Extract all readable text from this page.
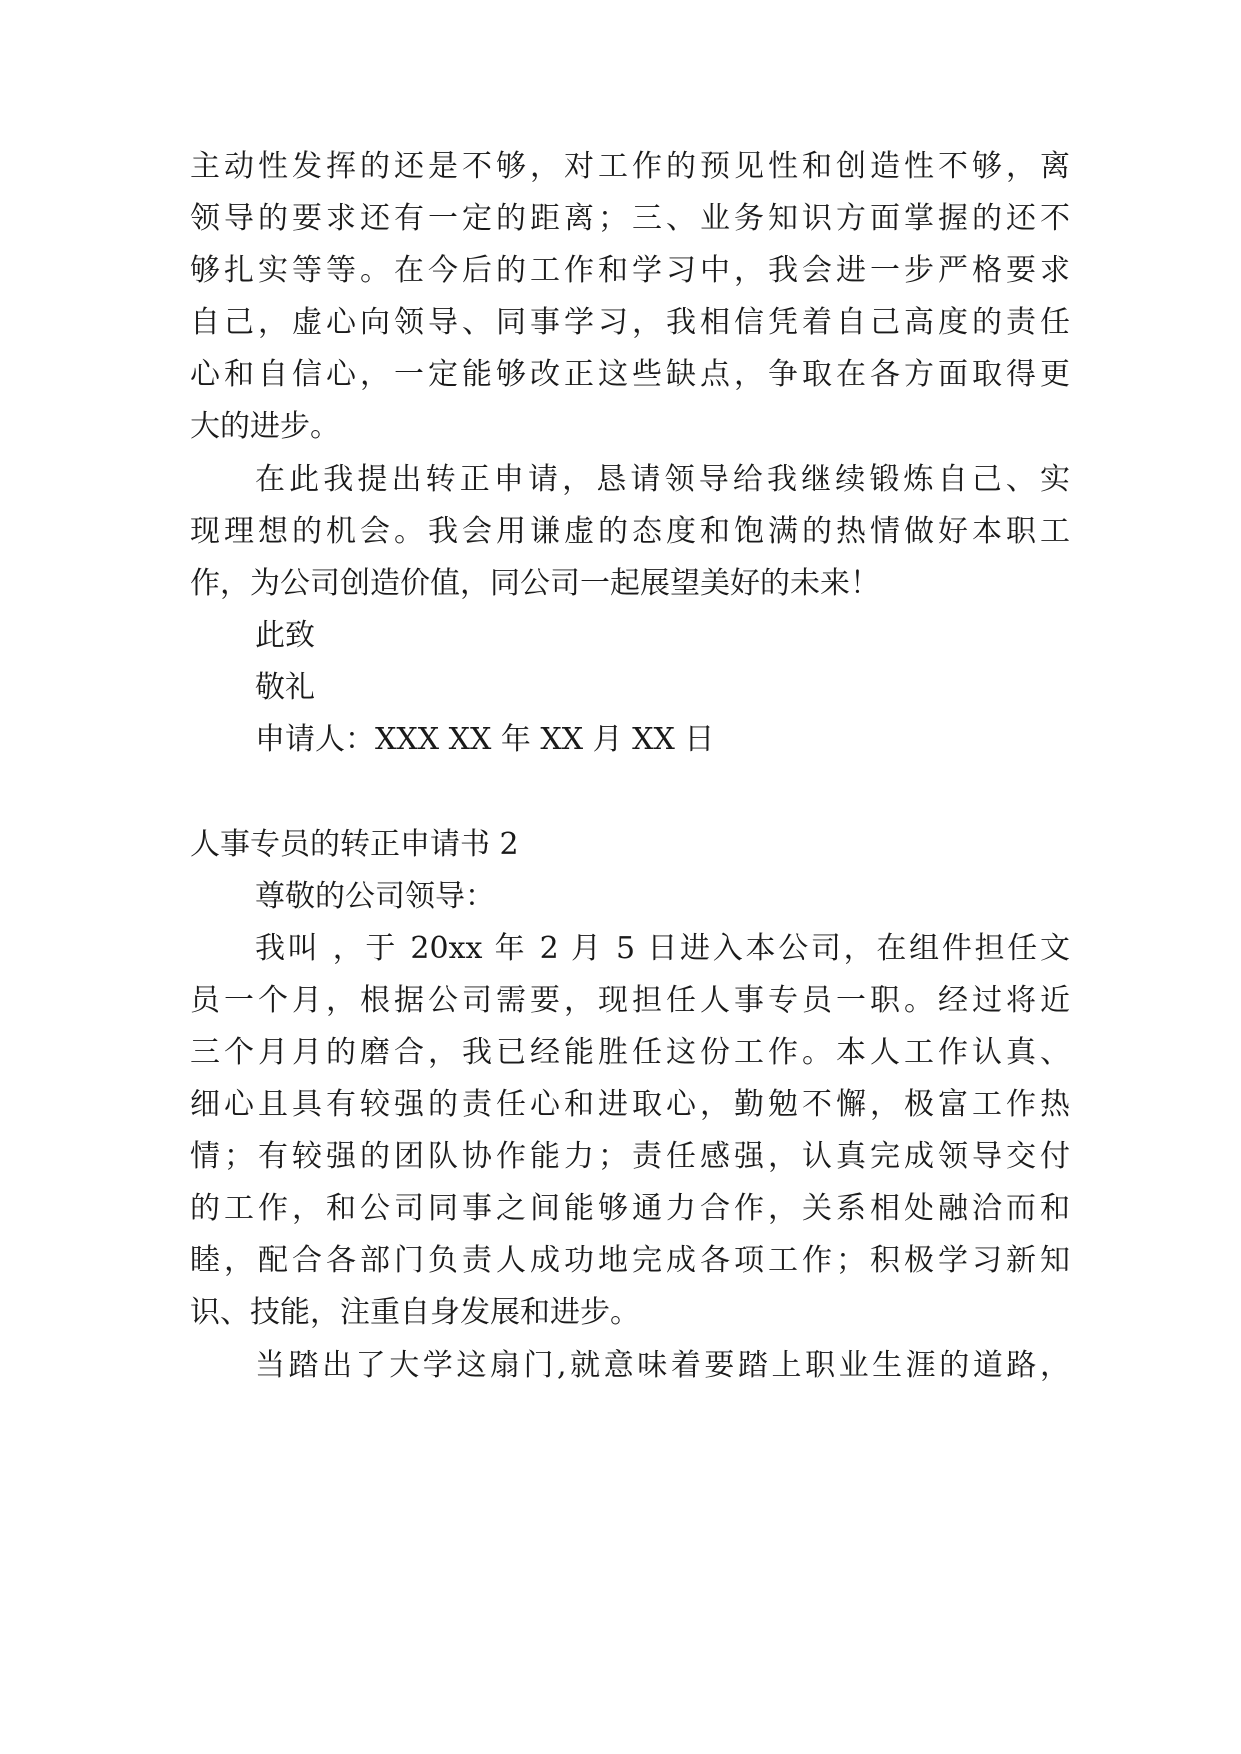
主动性发挥的还是不够，对工作的预见性和创造性不够，离
领导的要求还有一定的距离；三、业务知识方面掌握的还不
够扎实等等。在今后的工作和学习中，我会进一步严格要求
自己，虚心向领导、同事学习，我相信凭着自己高度的责任
心和自信心，一定能够改正这些缺点，争取在各方面取得更
大的进步。
在此我提出转正申请，恳请领导给我继续锻炼自己、实
现理想的机会。我会用谦虚的态度和饱满的热情做好本职工
作，为公司创造价值，同公司一起展望美好的未来！
此致
敬礼
申请人：XXX XX 年 XX 月 XX 日
人事专员的转正申请书 2
尊敬的公司领导：
我叫 ，于 20xx 年 2 月 5 日进入本公司，在组件担任文
员一个月，根据公司需要，现担任人事专员一职。经过将近
三个月月的磨合，我已经能胜任这份工作。本人工作认真、
细心且具有较强的责任心和进取心，勤勉不懈，极富工作热
情；有较强的团队协作能力；责任感强，认真完成领导交付
的工作，和公司同事之间能够通力合作，关系相处融洽而和
睦，配合各部门负责人成功地完成各项工作；积极学习新知
识、技能，注重自身发展和进步。
当踏出了大学这扇门,就意味着要踏上职业生涯的道路，
